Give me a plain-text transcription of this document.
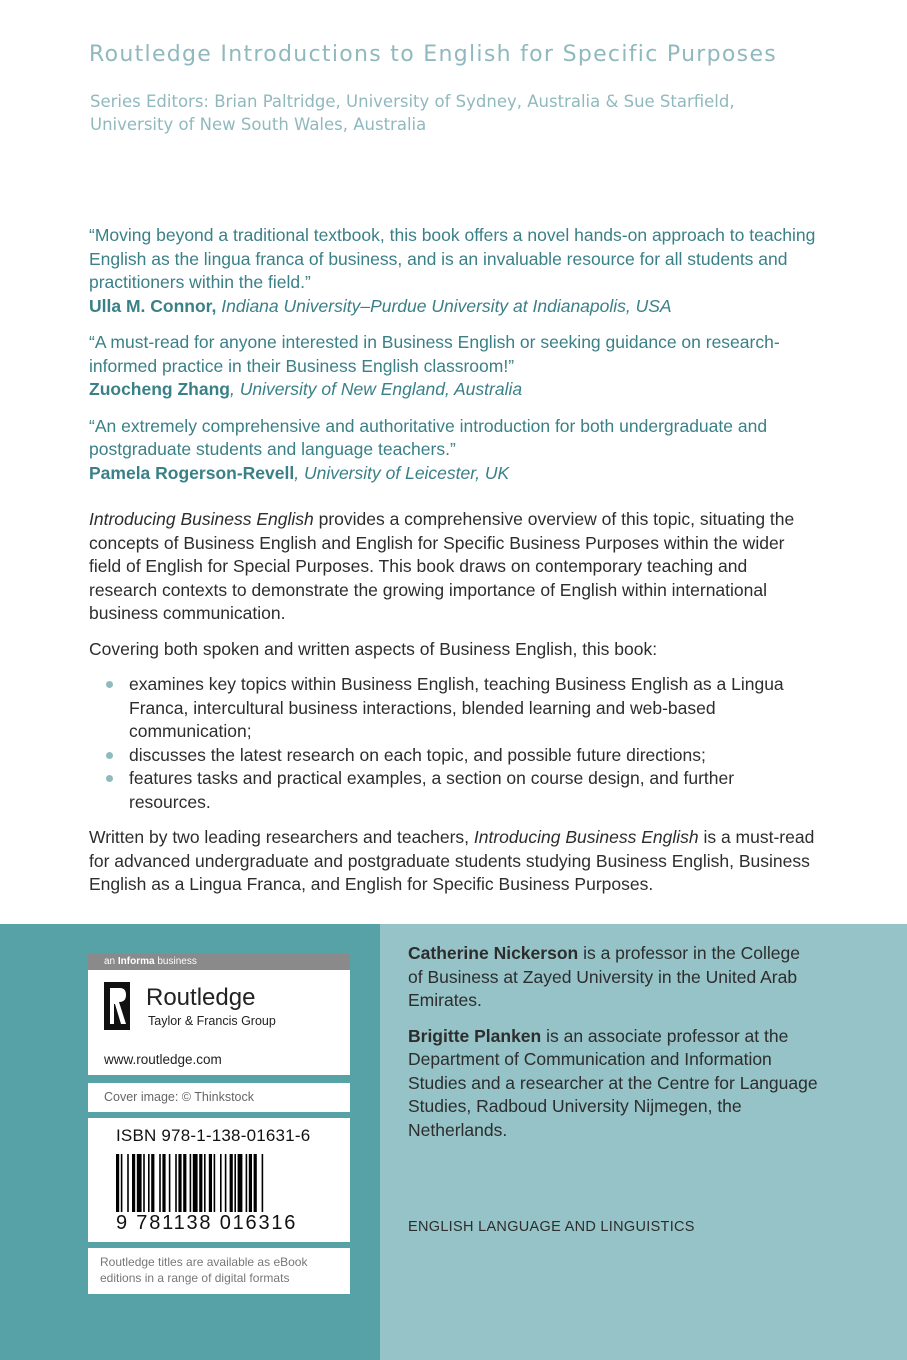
Routledge Introductions to English for Specific Purposes
Series Editors: Brian Paltridge, University of Sydney, Australia & Sue Starfield, University of New South Wales, Australia

“Moving beyond a traditional textbook, this book offers a novel hands-on approach to teaching English as the lingua franca of business, and is an invaluable resource for all students and practitioners within the field.”
Ulla M. Connor, Indiana University–Purdue University at Indianapolis, USA

“A must-read for anyone interested in Business English or seeking guidance on research-informed practice in their Business English classroom!”
Zuocheng Zhang, University of New England, Australia

“An extremely comprehensive and authoritative introduction for both undergraduate and postgraduate students and language teachers.”
Pamela Rogerson-Revell, University of Leicester, UK

Introducing Business English provides a comprehensive overview of this topic, situating the concepts of Business English and English for Specific Business Purposes within the wider field of English for Special Purposes. This book draws on contemporary teaching and research contexts to demonstrate the growing importance of English within international business communication.

Covering both spoken and written aspects of Business English, this book:

examines key topics within Business English, teaching Business English as a Lingua Franca, intercultural business interactions, blended learning and web-based communication;
discusses the latest research on each topic, and possible future directions;
features tasks and practical examples, a section on course design, and further resources.

Written by two leading researchers and teachers, Introducing Business English is a must-read for advanced undergraduate and postgraduate students studying Business English, Business English as a Lingua Franca, and English for Specific Business Purposes.

an Informa business
Routledge
Taylor & Francis Group
www.routledge.com
Cover image: © Thinkstock
ISBN 978-1-138-01631-6
9 781138 016316
Routledge titles are available as eBook editions in a range of digital formats

Catherine Nickerson is a professor in the College of Business at Zayed University in the United Arab Emirates.

Brigitte Planken is an associate professor at the Department of Communication and Information Studies and a researcher at the Centre for Language Studies, Radboud University Nijmegen, the Netherlands.

ENGLISH LANGUAGE AND LINGUISTICS
